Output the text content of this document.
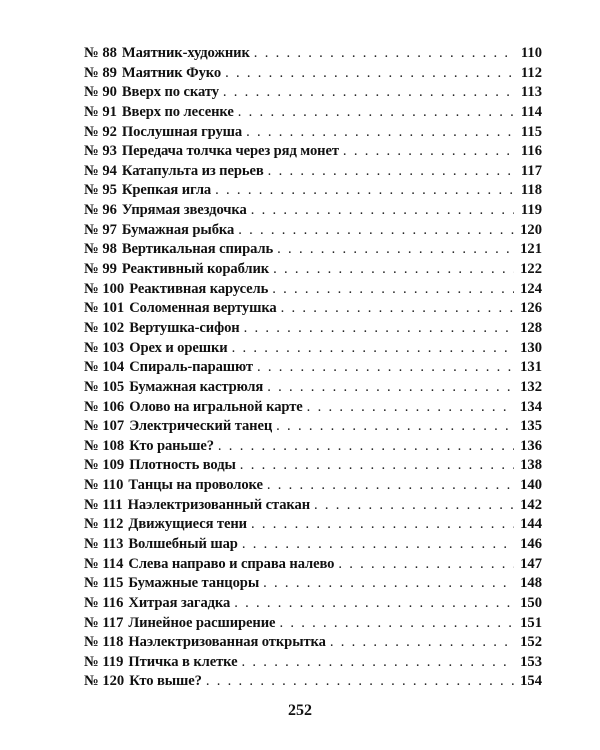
№ 88 Маятник-художник . . .	110
№ 89 Маятник Фуко . . .	112
№ 90 Вверх по скату . . .	113
№ 91 Вверх по лесенке . . .	114
№ 92 Послушная груша . . .	115
№ 93 Передача толчка через ряд монет . . .	116
№ 94 Катапульта из перьев . . .	117
№ 95 Крепкая игла . . .	118
№ 96 Упрямая звездочка . . .	119
№ 97 Бумажная рыбка . . .	120
№ 98 Вертикальная спираль . . .	121
№ 99 Реактивный кораблик . . .	122
№ 100 Реактивная карусель . . .	124
№ 101 Соломенная вертушка . . .	126
№ 102 Вертушка-сифон . . .	128
№ 103 Орех и орешки . . .	130
№ 104 Спираль-парашют . . .	131
№ 105 Бумажная кастрюля . . .	132
№ 106 Олово на игральной карте . . .	134
№ 107 Электрический танец . . .	135
№ 108 Кто раньше? . . .	136
№ 109 Плотность воды . . .	138
№ 110 Танцы на проволоке . . .	140
№ 111 Наэлектризованный стакан . . .	142
№ 112 Движущиеся тени . . .	144
№ 113 Волшебный шар . . .	146
№ 114 Слева направо и справа налево . . .	147
№ 115 Бумажные танцоры . . .	148
№ 116 Хитрая загадка . . .	150
№ 117 Линейное расширение . . .	151
№ 118 Наэлектризованная открытка . . .	152
№ 119 Птичка в клетке . . .	153
№ 120 Кто выше? . . .	154
252
